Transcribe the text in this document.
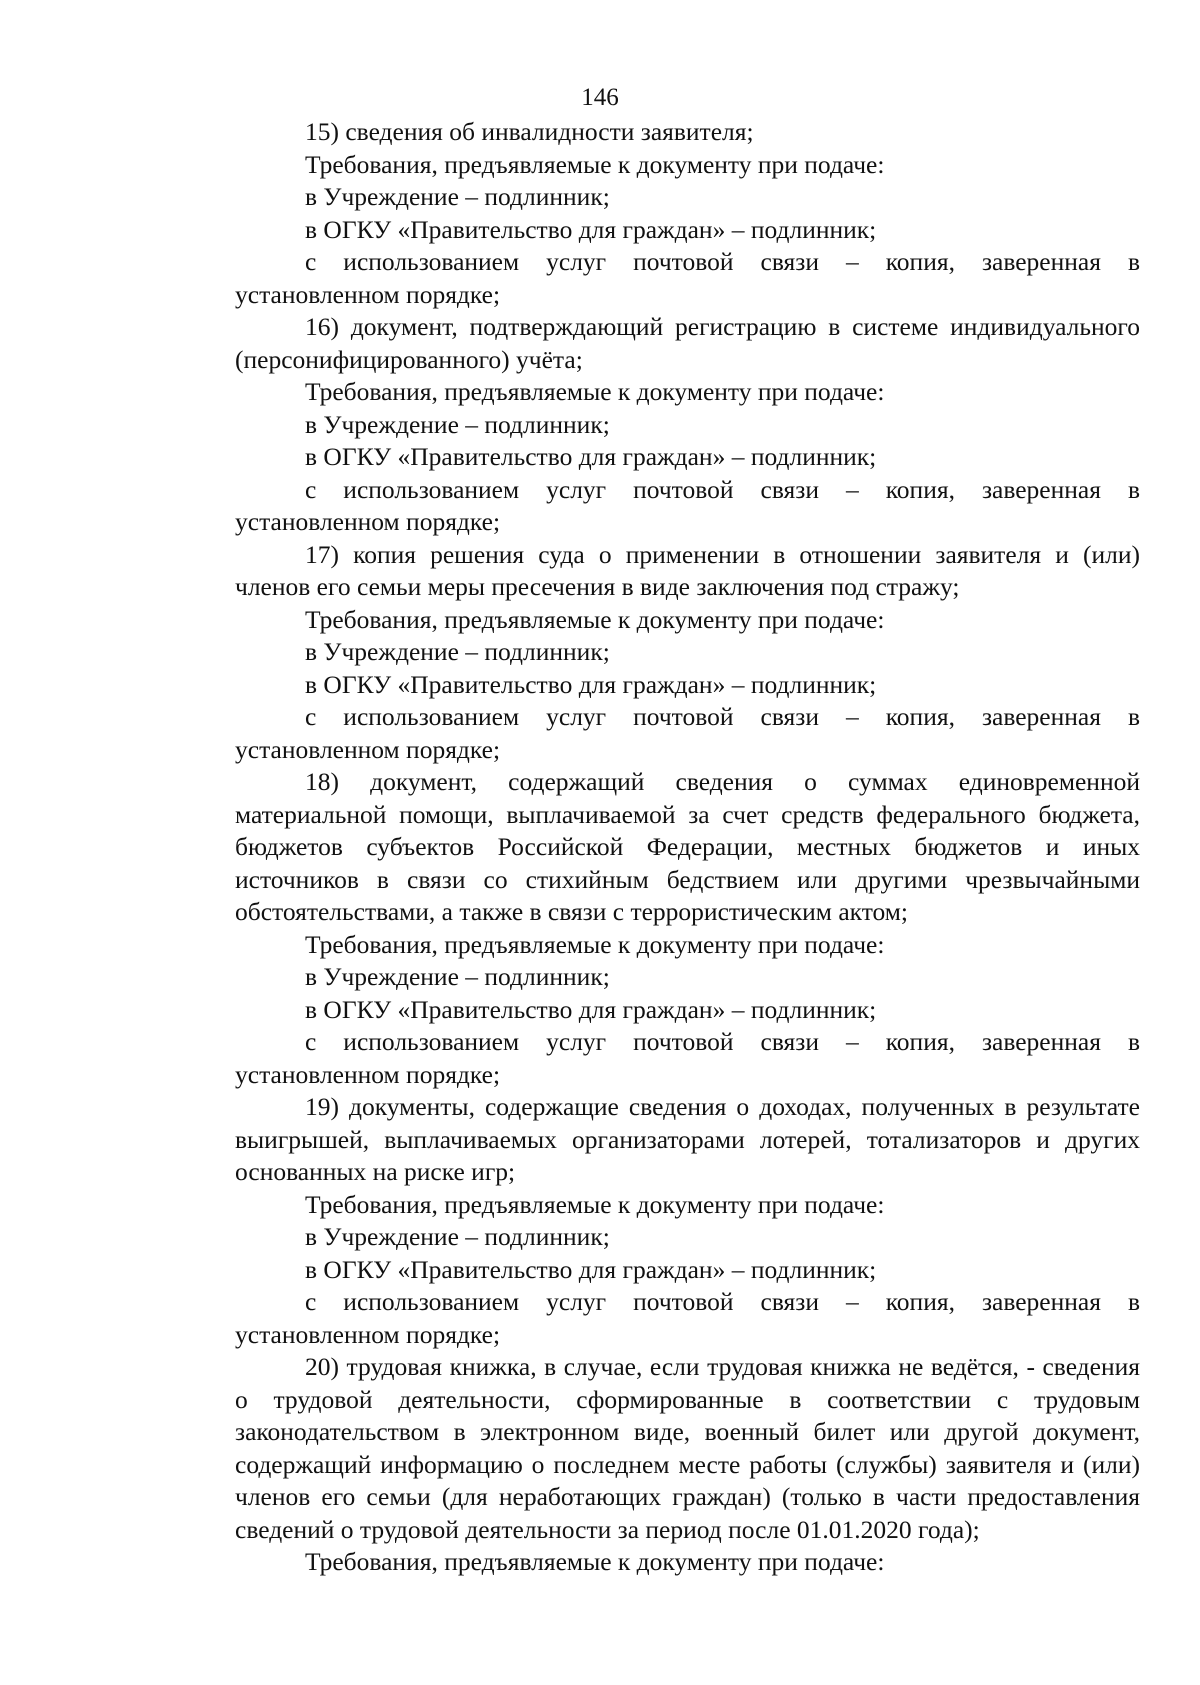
146

15) сведения об инвалидности заявителя;

Требования, предъявляемые к документу при подаче:

в Учреждение – подлинник;

в ОГКУ «Правительство для граждан» – подлинник;

с использованием услуг почтовой связи – копия, заверенная в установленном порядке;

16) документ, подтверждающий регистрацию в системе индивидуального (персонифицированного) учёта;

Требования, предъявляемые к документу при подаче:

в Учреждение – подлинник;

в ОГКУ «Правительство для граждан» – подлинник;

с использованием услуг почтовой связи – копия, заверенная в установленном порядке;

17) копия решения суда о применении в отношении заявителя и (или) членов его семьи меры пресечения в виде заключения под стражу;

Требования, предъявляемые к документу при подаче:

в Учреждение – подлинник;

в ОГКУ «Правительство для граждан» – подлинник;

с использованием услуг почтовой связи – копия, заверенная в установленном порядке;

18) документ, содержащий сведения о суммах единовременной материальной помощи, выплачиваемой за счет средств федерального бюджета, бюджетов субъектов Российской Федерации, местных бюджетов и иных источников в связи со стихийным бедствием или другими чрезвычайными обстоятельствами, а также в связи с террористическим актом;

Требования, предъявляемые к документу при подаче:

в Учреждение – подлинник;

в ОГКУ «Правительство для граждан» – подлинник;

с использованием услуг почтовой связи – копия, заверенная в установленном порядке;

19) документы, содержащие сведения о доходах, полученных в результате выигрышей, выплачиваемых организаторами лотерей, тотализаторов и других основанных на риске игр;

Требования, предъявляемые к документу при подаче:

в Учреждение – подлинник;

в ОГКУ «Правительство для граждан» – подлинник;

с использованием услуг почтовой связи – копия, заверенная в установленном порядке;

20) трудовая книжка, в случае, если трудовая книжка не ведётся, - сведения о трудовой деятельности, сформированные в соответствии с трудовым законодательством в электронном виде, военный билет или другой документ, содержащий информацию о последнем месте работы (службы) заявителя и (или) членов его семьи (для неработающих граждан) (только в части предоставления сведений о трудовой деятельности за период после 01.01.2020 года);

Требования, предъявляемые к документу при подаче:
